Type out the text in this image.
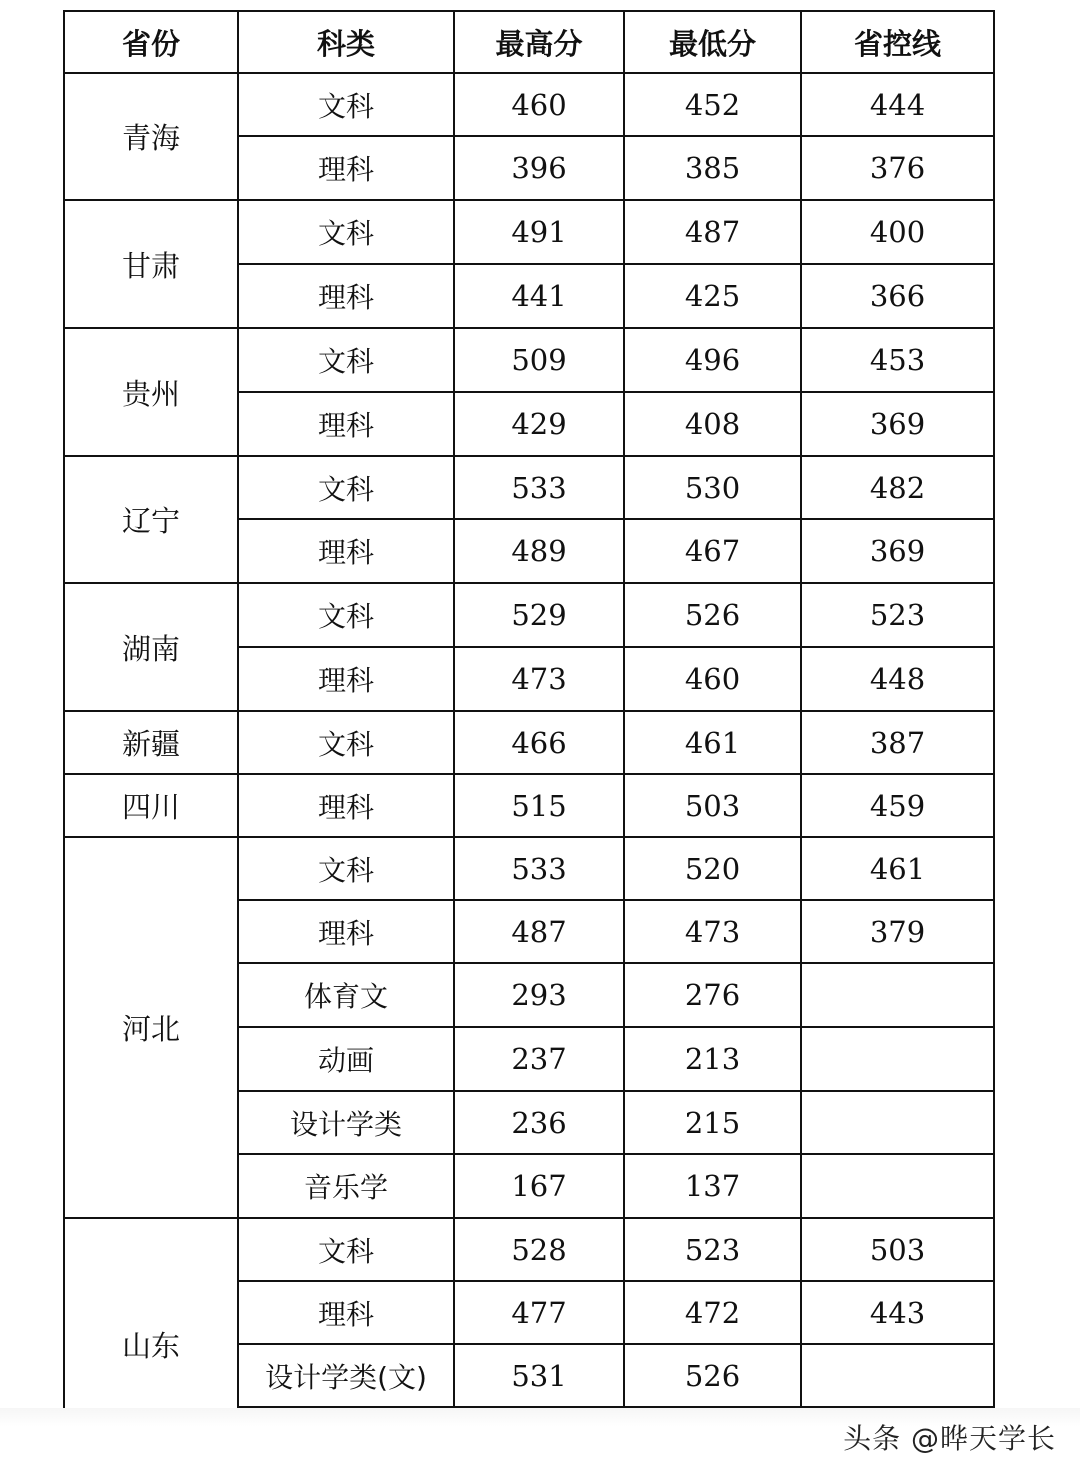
省份	科类	最高分	最低分	省控线
青海	文科	460	452	444
	理科	396	385	376
甘肃	文科	491	487	400
	理科	441	425	366
贵州	文科	509	496	453
	理科	429	408	369
辽宁	文科	533	530	482
	理科	489	467	369
湖南	文科	529	526	523
	理科	473	460	448
新疆	文科	466	461	387
四川	理科	515	503	459
河北	文科	533	520	461
	理科	487	473	379
	体育文	293	276	
	动画	237	213	
	设计学类	236	215	
	音乐学	167	137	
山东	文科	528	523	503
	理科	477	472	443
	设计学类(文)	531	526	

头条 @晔天学长
